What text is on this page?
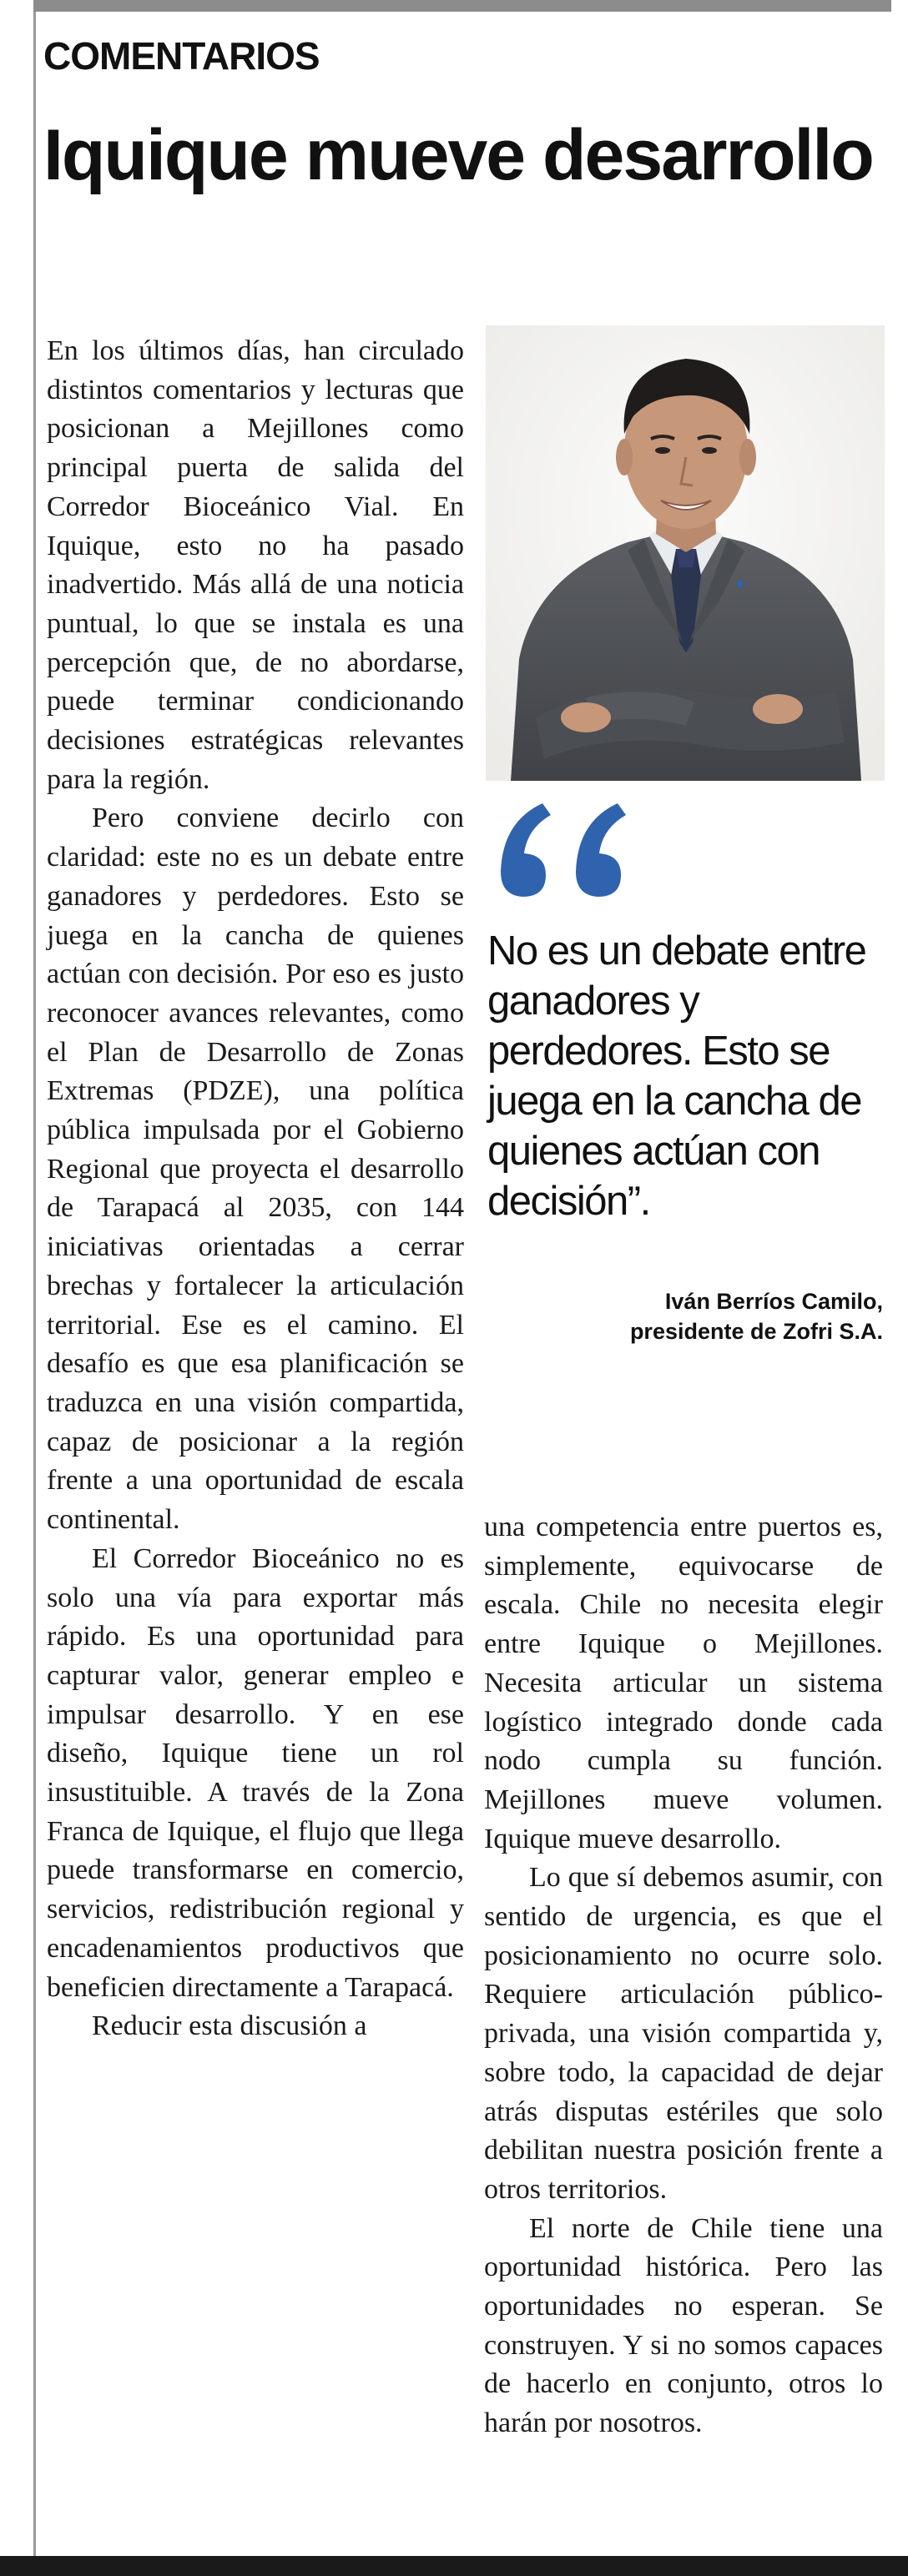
COMENTARIOS
Iquique mueve desarrollo

En los últimos días, han circulado distintos comentarios y lecturas que posicionan a Mejillones como principal puerta de salida del Corredor Bioceánico Vial. En Iquique, esto no ha pasado inadvertido. Más allá de una noticia puntual, lo que se instala es una percepción que, de no abordarse, puede terminar condicionando decisiones estratégicas relevantes para la región.

Pero conviene decirlo con claridad: este no es un debate entre ganadores y perdedores. Esto se juega en la cancha de quienes actúan con decisión. Por eso es justo reconocer avances relevantes, como el Plan de Desarrollo de Zonas Extremas (PDZE), una política pública impulsada por el Gobierno Regional que proyecta el desarrollo de Tarapacá al 2035, con 144 iniciativas orientadas a cerrar brechas y fortalecer la articulación territorial. Ese es el camino. El desafío es que esa planificación se traduzca en una visión compartida, capaz de posicionar a la región frente a una oportunidad de escala continental.

El Corredor Bioceánico no es solo una vía para exportar más rápido. Es una oportunidad para capturar valor, generar empleo e impulsar desarrollo. Y en ese diseño, Iquique tiene un rol insustituible. A través de la Zona Franca de Iquique, el flujo que llega puede transformarse en comercio, servicios, redistribución regional y encadenamientos productivos que beneficien directamente a Tarapacá.

Reducir esta discusión a

No es un debate entre ganadores y perdedores. Esto se juega en la cancha de quienes actúan con decisión”.
Iván Berríos Camilo,
presidente de Zofri S.A.

una competencia entre puertos es, simplemente, equivocarse de escala. Chile no necesita elegir entre Iquique o Mejillones. Necesita articular un sistema logístico integrado donde cada nodo cumpla su función. Mejillones mueve volumen. Iquique mueve desarrollo.

Lo que sí debemos asumir, con sentido de urgencia, es que el posicionamiento no ocurre solo. Requiere articulación público-privada, una visión compartida y, sobre todo, la capacidad de dejar atrás disputas estériles que solo debilitan nuestra posición frente a otros territorios.

El norte de Chile tiene una oportunidad histórica. Pero las oportunidades no esperan. Se construyen. Y si no somos capaces de hacerlo en conjunto, otros lo harán por nosotros.
